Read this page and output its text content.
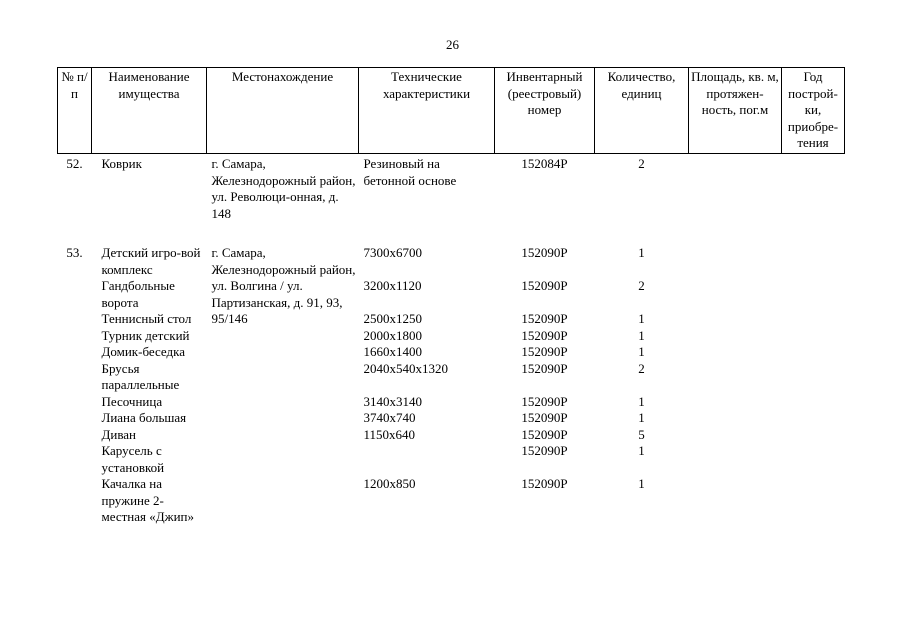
26
№ п/п	Наименование имущества	Местонахождение	Технические характеристики	Инвентарный (реестровый) номер	Количество, единиц	Площадь, кв. м, протяжен-ность, пог.м	Год построй-ки, приобре-тения
52.	Коврик	г. Самара, Железнодорожный район, ул. Революци-онная, д. 148	Резиновый на бетонной основе	152084Р	2		
53.	Детский игро-вой комплекс	г. Самара, Железнодорожный район, ул. Волгина / ул. Партизанская, д. 91, 93, 95/146	7300х6700	152090Р	1		
	Гандбольные ворота		3200х1120	152090Р	2		
	Теннисный стол		2500х1250	152090Р	1		
	Турник детский		2000х1800	152090Р	1		
	Домик-беседка		1660х1400	152090Р	1		
	Брусья параллельные		2040х540х1320	152090Р	2		
	Песочница		3140х3140	152090Р	1		
	Лиана большая		3740х740	152090Р	1		
	Диван		1150х640	152090Р	5		
	Карусель с установкой			152090Р	1		
	Качалка на пружине 2-местная «Джип»		1200х850	152090Р	1		
